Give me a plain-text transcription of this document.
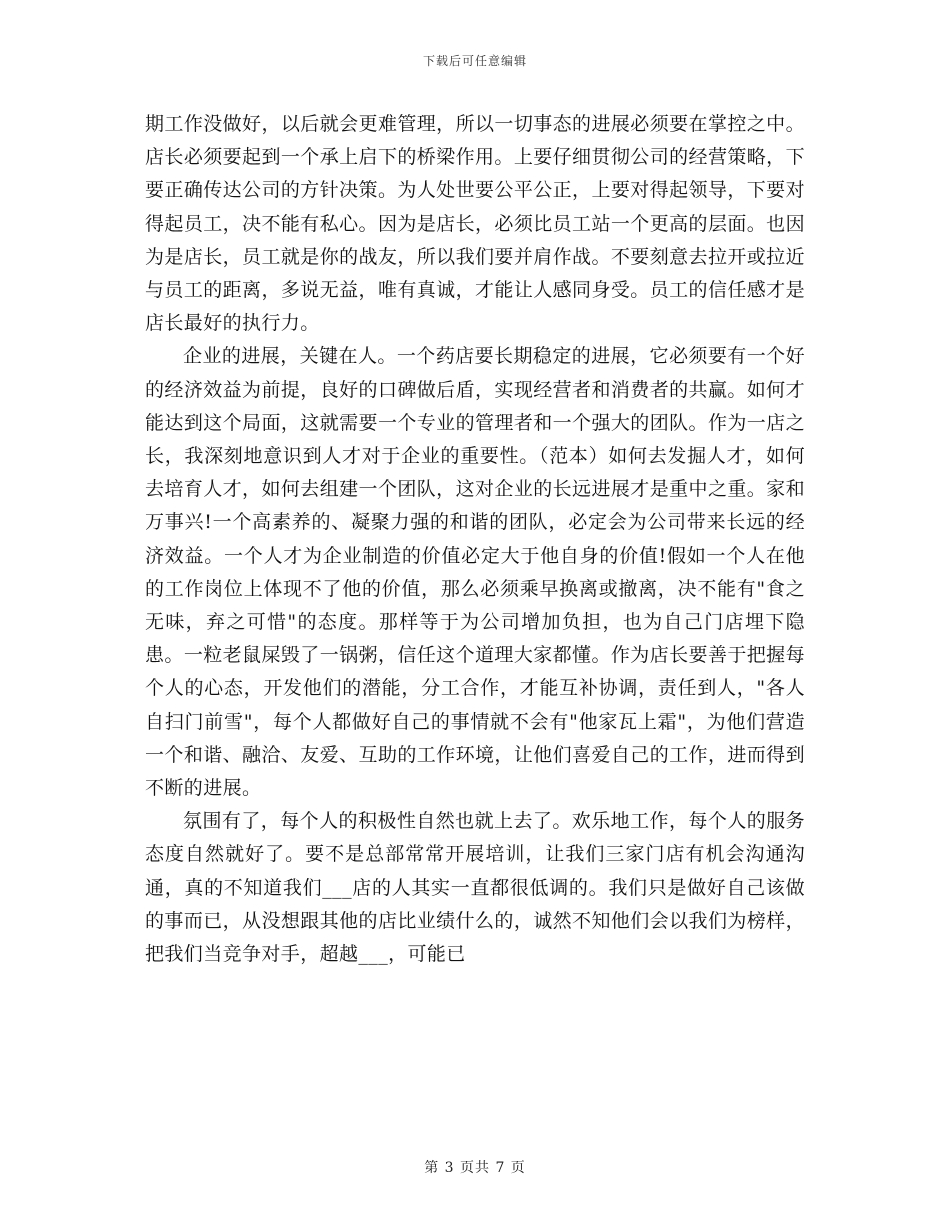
下载后可任意编辑

期工作没做好，以后就会更难管理，所以一切事态的进展必须要在掌控之中。店长必须要起到一个承上启下的桥梁作用。上要仔细贯彻公司的经营策略，下要正确传达公司的方针决策。为人处世要公平公正，上要对得起领导，下要对得起员工，决不能有私心。因为是店长，必须比员工站一个更高的层面。也因为是店长，员工就是你的战友，所以我们要并肩作战。不要刻意去拉开或拉近与员工的距离，多说无益，唯有真诚，才能让人感同身受。员工的信任感才是店长最好的执行力。

企业的进展，关键在人。一个药店要长期稳定的进展，它必须要有一个好的经济效益为前提，良好的口碑做后盾，实现经营者和消费者的共赢。如何才能达到这个局面，这就需要一个专业的管理者和一个强大的团队。作为一店之长，我深刻地意识到人才对于企业的重要性。（范本）如何去发掘人才，如何去培育人才，如何去组建一个团队，这对企业的长远进展才是重中之重。家和万事兴!一个高素养的、凝聚力强的和谐的团队，必定会为公司带来长远的经济效益。一个人才为企业制造的价值必定大于他自身的价值!假如一个人在他的工作岗位上体现不了他的价值，那么必须乘早换离或撤离，决不能有"食之无味，弃之可惜"的态度。那样等于为公司增加负担，也为自己门店埋下隐患。一粒老鼠屎毁了一锅粥，信任这个道理大家都懂。作为店长要善于把握每个人的心态，开发他们的潜能，分工合作，才能互补协调，责任到人，"各人自扫门前雪"，每个人都做好自己的事情就不会有"他家瓦上霜"，为他们营造一个和谐、融洽、友爱、互助的工作环境，让他们喜爱自己的工作，进而得到不断的进展。

氛围有了，每个人的积极性自然也就上去了。欢乐地工作，每个人的服务态度自然就好了。要不是总部常常开展培训，让我们三家门店有机会沟通沟通，真的不知道我们___店的人其实一直都很低调的。我们只是做好自己该做的事而已，从没想跟其他的店比业绩什么的，诚然不知他们会以我们为榜样，把我们当竞争对手，超越___，可能已

第 3 页共 7 页
